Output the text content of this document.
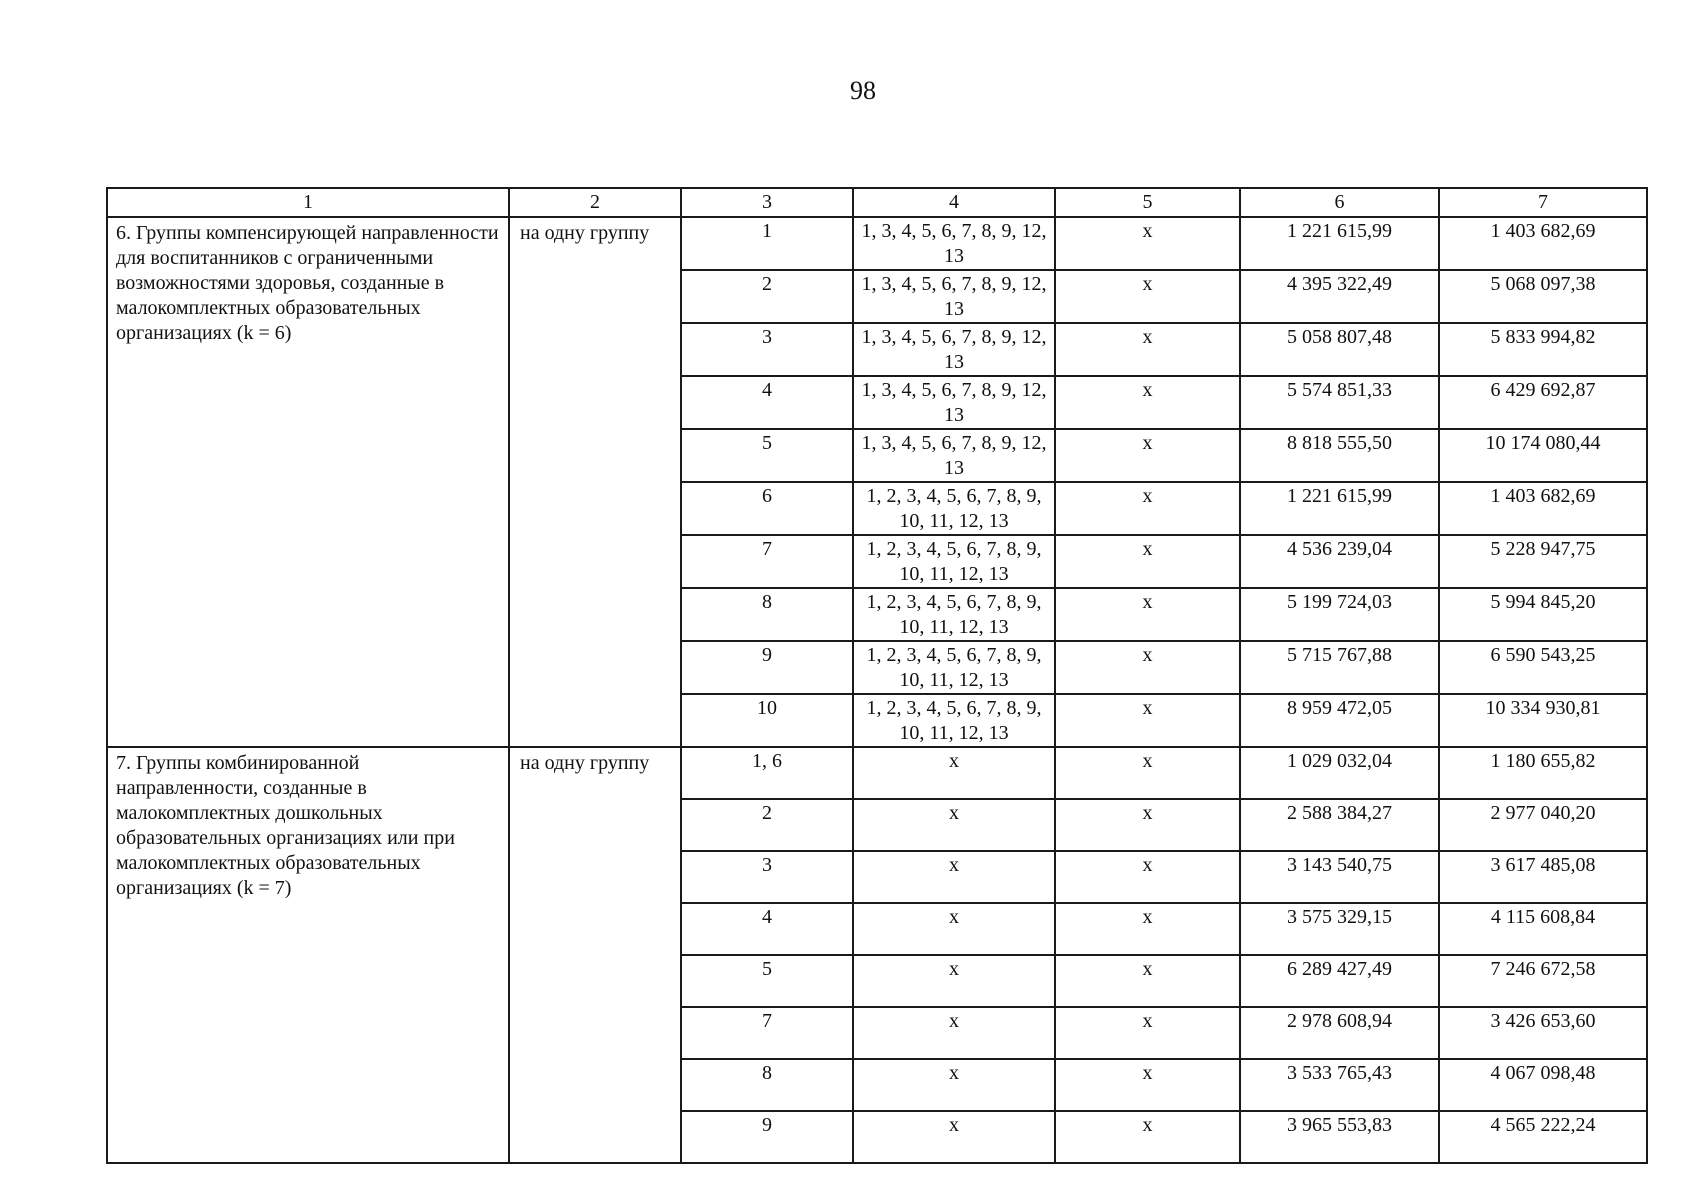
98
1	2	3	4	5	6	7
6. Группы компенсирующей направленности для воспитанников с ограниченными возможностями здоровья, созданные в малокомплектных образовательных организациях (k = 6)	на одну группу	1	1, 3, 4, 5, 6, 7, 8, 9, 12, 13	х	1 221 615,99	1 403 682,69
		2	1, 3, 4, 5, 6, 7, 8, 9, 12, 13	х	4 395 322,49	5 068 097,38
		3	1, 3, 4, 5, 6, 7, 8, 9, 12, 13	х	5 058 807,48	5 833 994,82
		4	1, 3, 4, 5, 6, 7, 8, 9, 12, 13	х	5 574 851,33	6 429 692,87
		5	1, 3, 4, 5, 6, 7, 8, 9, 12, 13	х	8 818 555,50	10 174 080,44
		6	1, 2, 3, 4, 5, 6, 7, 8, 9, 10, 11, 12, 13	х	1 221 615,99	1 403 682,69
		7	1, 2, 3, 4, 5, 6, 7, 8, 9, 10, 11, 12, 13	х	4 536 239,04	5 228 947,75
		8	1, 2, 3, 4, 5, 6, 7, 8, 9, 10, 11, 12, 13	х	5 199 724,03	5 994 845,20
		9	1, 2, 3, 4, 5, 6, 7, 8, 9, 10, 11, 12, 13	х	5 715 767,88	6 590 543,25
		10	1, 2, 3, 4, 5, 6, 7, 8, 9, 10, 11, 12, 13	х	8 959 472,05	10 334 930,81
7. Группы комбинированной направленности, созданные в малокомплектных дошкольных образовательных организациях или при малокомплектных образовательных организациях (k = 7)	на одну группу	1, 6	х	х	1 029 032,04	1 180 655,82
		2	х	х	2 588 384,27	2 977 040,20
		3	х	х	3 143 540,75	3 617 485,08
		4	х	х	3 575 329,15	4 115 608,84
		5	х	х	6 289 427,49	7 246 672,58
		7	х	х	2 978 608,94	3 426 653,60
		8	х	х	3 533 765,43	4 067 098,48
		9	х	х	3 965 553,83	4 565 222,24
